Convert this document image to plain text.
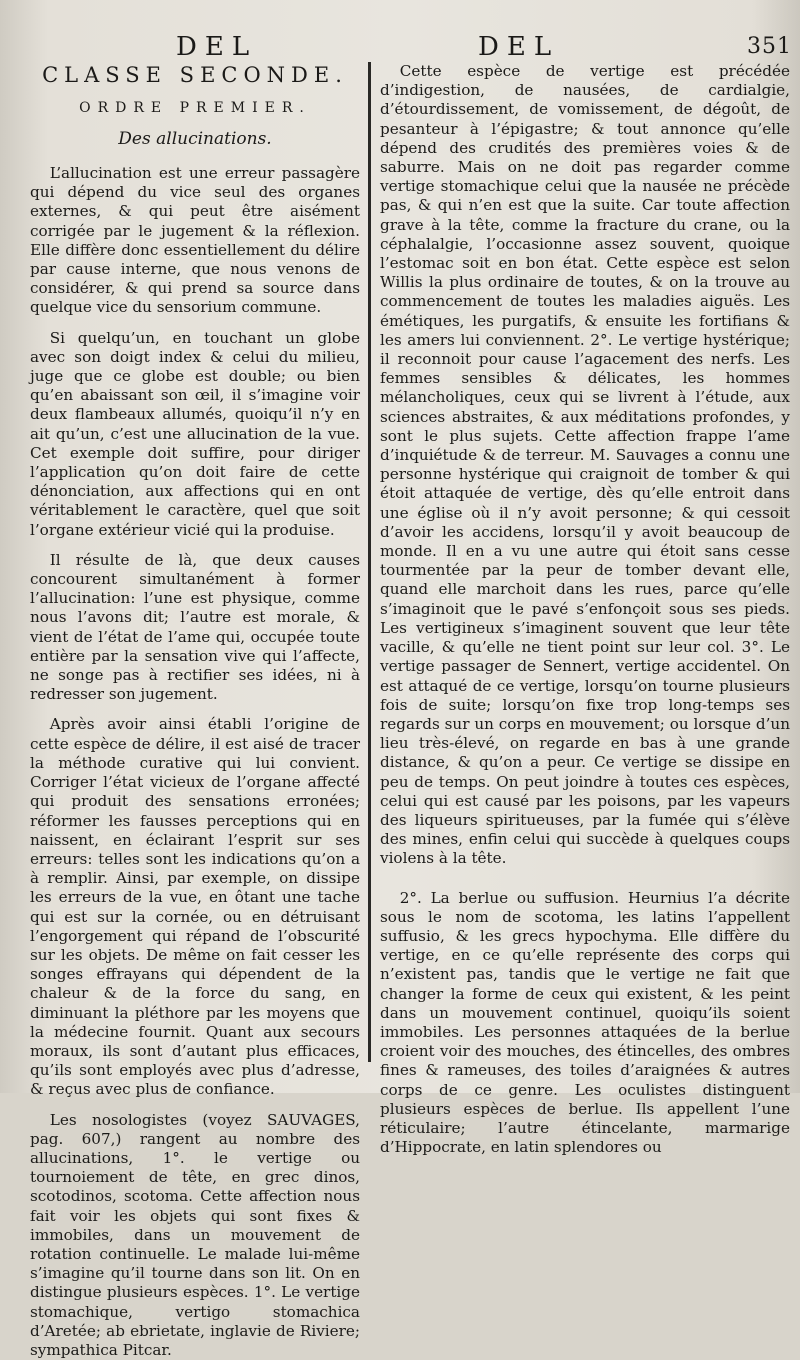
DEL	DEL	351
CLASSE SECONDE.
ORDRE PREMIER.
Des allucinations.

L’allucination est une erreur passagère qui dépend du vice seul des organes externes, & qui peut être aisément corrigée par le jugement & la réflexion. Elle diffère donc essentiellement du délire par cause interne, que nous venons de considérer, & qui prend sa source dans quelque vice du sensorium commune.

Si quelqu’un, en touchant un globe avec son doigt index & celui du milieu, juge que ce globe est double; ou bien qu’en abaissant son œil, il s’imagine voir deux flambeaux allumés, quoiqu’il n’y en ait qu’un, c’est une allucination de la vue. Cet exemple doit suffire, pour diriger l’application qu’on doit faire de cette dénonciation, aux affections qui en ont véritablement le caractère, quel que soit l’organe extérieur vicié qui la produise.

Il résulte de là, que deux causes concourent simultanément à former l’allucination: l’une est physique, comme nous l’avons dit; l’autre est morale, & vient de l’état de l’ame qui, occupée toute entière par la sensation vive qui l’affecte, ne songe pas à rectifier ses idées, ni à redresser son jugement.

Après avoir ainsi établi l’origine de cette espèce de délire, il est aisé de tracer la méthode curative qui lui convient. Corriger l’état vicieux de l’organe affecté qui produit des sensations erronées; réformer les fausses perceptions qui en naissent, en éclairant l’esprit sur ses erreurs: telles sont les indications qu’on a à remplir. Ainsi, par exemple, on dissipe les erreurs de la vue, en ôtant une tache qui est sur la cornée, ou en détruisant l’engorgement qui répand de l’obscurité sur les objets. De même on fait cesser les songes effrayans qui dépendent de la chaleur & de la force du sang, en diminuant la pléthore par les moyens que la médecine fournit. Quant aux secours moraux, ils sont d’autant plus efficaces, qu’ils sont employés avec plus d’adresse, & reçus avec plus de confiance.

Les nosologistes (voyez SAUVAGES, pag. 607,) rangent au nombre des allucinations, 1°. le vertige ou tournoiement de tête, en grec dinos, scotodinos, scotoma. Cette affection nous fait voir les objets qui sont fixes & immobiles, dans un mouvement de rotation continuelle. Le malade lui-même s’imagine qu’il tourne dans son lit. On en distingue plusieurs espèces. 1°. Le vertige stomachique, vertigo stomachica d’Aretée; ab ebrietate, inglavie de Riviere; sympathica Pitcar.

Cette espèce de vertige est précédée d’indigestion, de nausées, de cardialgie, d’étourdissement, de vomissement, de dégoût, de pesanteur à l’épigastre; & tout annonce qu’elle dépend des crudités des premières voies & de saburre. Mais on ne doit pas regarder comme vertige stomachique celui que la nausée ne précède pas, & qui n’en est que la suite. Car toute affection grave à la tête, comme la fracture du crane, ou la céphalalgie, l’occasionne assez souvent, quoique l’estomac soit en bon état. Cette espèce est selon Willis la plus ordinaire de toutes, & on la trouve au commencement de toutes les maladies aiguës. Les émétiques, les purgatifs, & ensuite les fortifians & les amers lui conviennent. 2°. Le vertige hystérique; il reconnoit pour cause l’agacement des nerfs. Les femmes sensibles & délicates, les hommes mélancholiques, ceux qui se livrent à l’étude, aux sciences abstraites, & aux méditations profondes, y sont le plus sujets. Cette affection frappe l’ame d’inquiétude & de terreur. M. Sauvages a connu une personne hystérique qui craignoit de tomber & qui étoit attaquée de vertige, dès qu’elle entroit dans une église où il n’y avoit personne; & qui cessoit d’avoir les accidens, lorsqu’il y avoit beaucoup de monde. Il en a vu une autre qui étoit sans cesse tourmentée par la peur de tomber devant elle, quand elle marchoit dans les rues, parce qu’elle s’imaginoit que le pavé s’enfonçoit sous ses pieds. Les vertigineux s’imaginent souvent que leur tête vacille, & qu’elle ne tient point sur leur col. 3°. Le vertige passager de Sennert, vertige accidentel. On est attaqué de ce vertige, lorsqu’on tourne plusieurs fois de suite; lorsqu’on fixe trop long-temps ses regards sur un corps en mouvement; ou lorsque d’un lieu très-élevé, on regarde en bas à une grande distance, & qu’on a peur. Ce vertige se dissipe en peu de temps. On peut joindre à toutes ces espèces, celui qui est causé par les poisons, par les vapeurs des liqueurs spiritueuses, par la fumée qui s’élève des mines, enfin celui qui succède à quelques coups violens à la tête.

2°. La berlue ou suffusion. Heurnius l’a décrite sous le nom de scotoma, les latins l’appellent suffusio, & les grecs hypochyma. Elle diffère du vertige, en ce qu’elle représente des corps qui n’existent pas, tandis que le vertige ne fait que changer la forme de ceux qui existent, & les peint dans un mouvement continuel, quoiqu’ils soient immobiles. Les personnes attaquées de la berlue croient voir des mouches, des étincelles, des ombres fines & rameuses, des toiles d’araignées & autres corps de ce genre. Les oculistes distinguent plusieurs espèces de berlue. Ils appellent l’une réticulaire; l’autre étincelante, marmarige d’Hippocrate, en latin splendores ou
